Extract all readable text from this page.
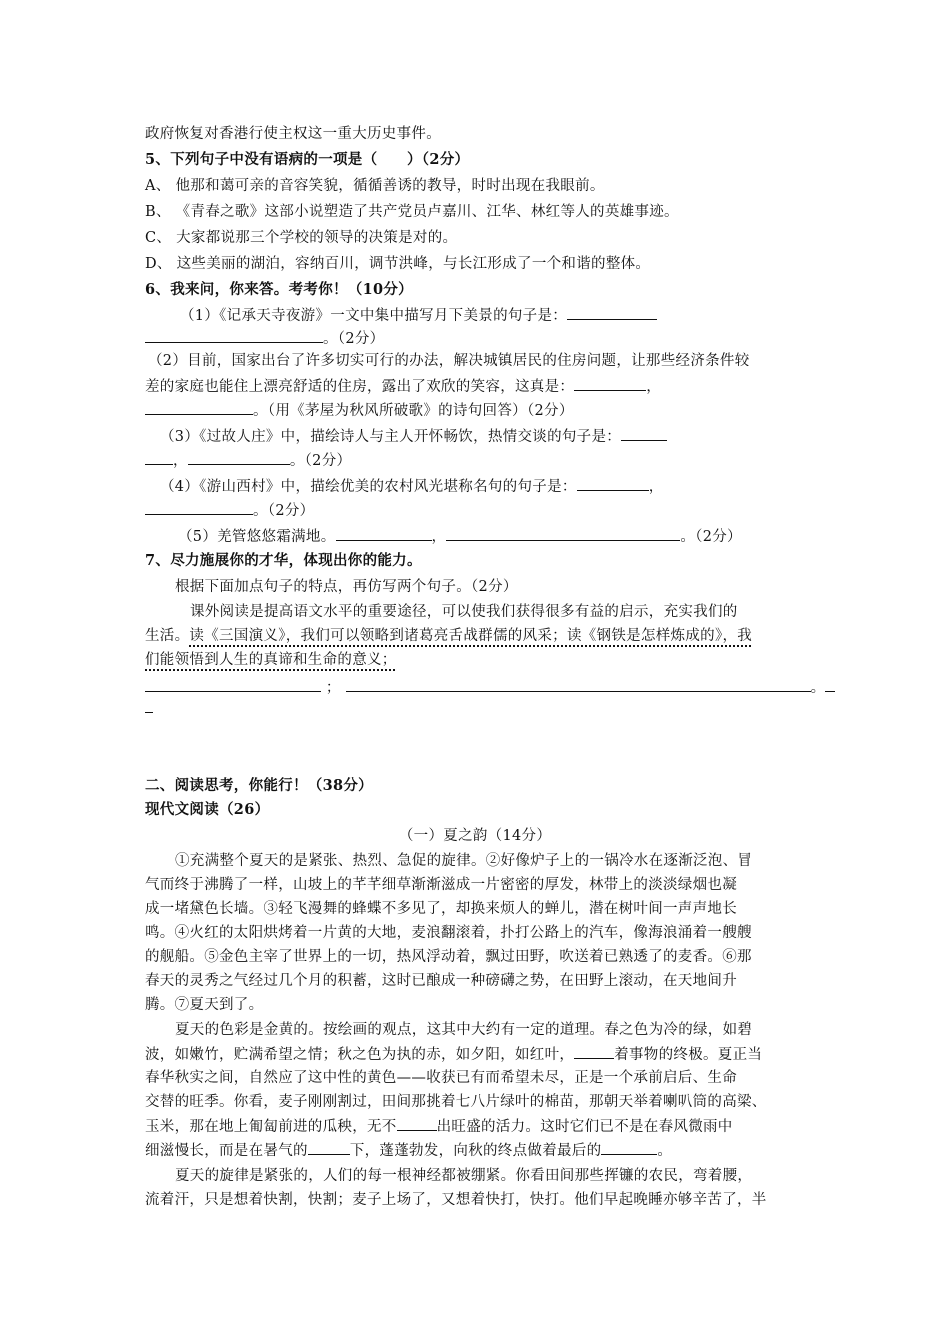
政府恢复对香港行使主权这一重大历史事件。
5、下列句子中没有语病的一项是（　　）（2分）
A、 他那和蔼可亲的音容笑貌，循循善诱的教导，时时出现在我眼前。
B、 《青春之歌》这部小说塑造了共产党员卢嘉川、江华、林红等人的英雄事迹。
C、 大家都说那三个学校的领导的决策是对的。
D、 这些美丽的湖泊，容纳百川，调节洪峰，与长江形成了一个和谐的整体。
6、我来问，你来答。考考你！（10分）
（1）《记承天寺夜游》一文中集中描写月下美景的句子是：
。（2分）
（2）目前，国家出台了许多切实可行的办法，解决城镇居民的住房问题，让那些经济条件较
差的家庭也能住上漂亮舒适的住房，露出了欢欣的笑容，这真是：	，
。（用《茅屋为秋风所破歌》的诗句回答）（2分）
（3）《过故人庄》中，描绘诗人与主人开怀畅饮，热情交谈的句子是：
，	。（2分）
（4）《游山西村》中，描绘优美的农村风光堪称名句的句子是：	，
。（2分）
（5）羌管悠悠霜满地。	，	。（2分）
7、尽力施展你的才华，体现出你的能力。
根据下面加点句子的特点，再仿写两个句子。（2分）
课外阅读是提高语文水平的重要途径，可以使我们获得很多有益的启示，充实我们的
生活。读《三国演义》，我们可以领略到诸葛亮舌战群儒的风采；读《钢铁是怎样炼成的》，我
们能领悟到人生的真谛和生命的意义；
；	。
二、阅读思考，你能行！（38分）
现代文阅读（26）
（一）夏之韵（14分）
①充满整个夏天的是紧张、热烈、急促的旋律。②好像炉子上的一锅冷水在逐渐泛泡、冒
气而终于沸腾了一样，山坡上的芊芊细草渐渐滋成一片密密的厚发，林带上的淡淡绿烟也凝
成一堵黛色长墙。③轻飞漫舞的蜂蝶不多见了，却换来烦人的蝉儿，潜在树叶间一声声地长
鸣。④火红的太阳烘烤着一片黄的大地，麦浪翻滚着，扑打公路上的汽车，像海浪涌着一艘艘
的舰船。⑤金色主宰了世界上的一切，热风浮动着，飘过田野，吹送着已熟透了的麦香。⑥那
春天的灵秀之气经过几个月的积蓄，这时已酿成一种磅礴之势，在田野上滚动，在天地间升
腾。⑦夏天到了。
夏天的色彩是金黄的。按绘画的观点，这其中大约有一定的道理。春之色为冷的绿，如碧
波，如嫩竹，贮满希望之情；秋之色为执的赤，如夕阳，如红叶，	着事物的终极。夏正当
春华秋实之间，自然应了这中性的黄色——收获已有而希望未尽，正是一个承前启后、生命
交替的旺季。你看，麦子刚刚割过，田间那挑着七八片绿叶的棉苗，那朝天举着喇叭筒的高梁、
玉米，那在地上匍匐前进的瓜秧，无不	出旺盛的活力。这时它们已不是在春风微雨中
细滋慢长，而是在暑气的	下，蓬蓬勃发，向秋的终点做着最后的	。
夏天的旋律是紧张的，人们的每一根神经都被绷紧。你看田间那些挥镰的农民，弯着腰，
流着汗，只是想着快割，快割；麦子上场了，又想着快打，快打。他们早起晚睡亦够辛苦了，半
